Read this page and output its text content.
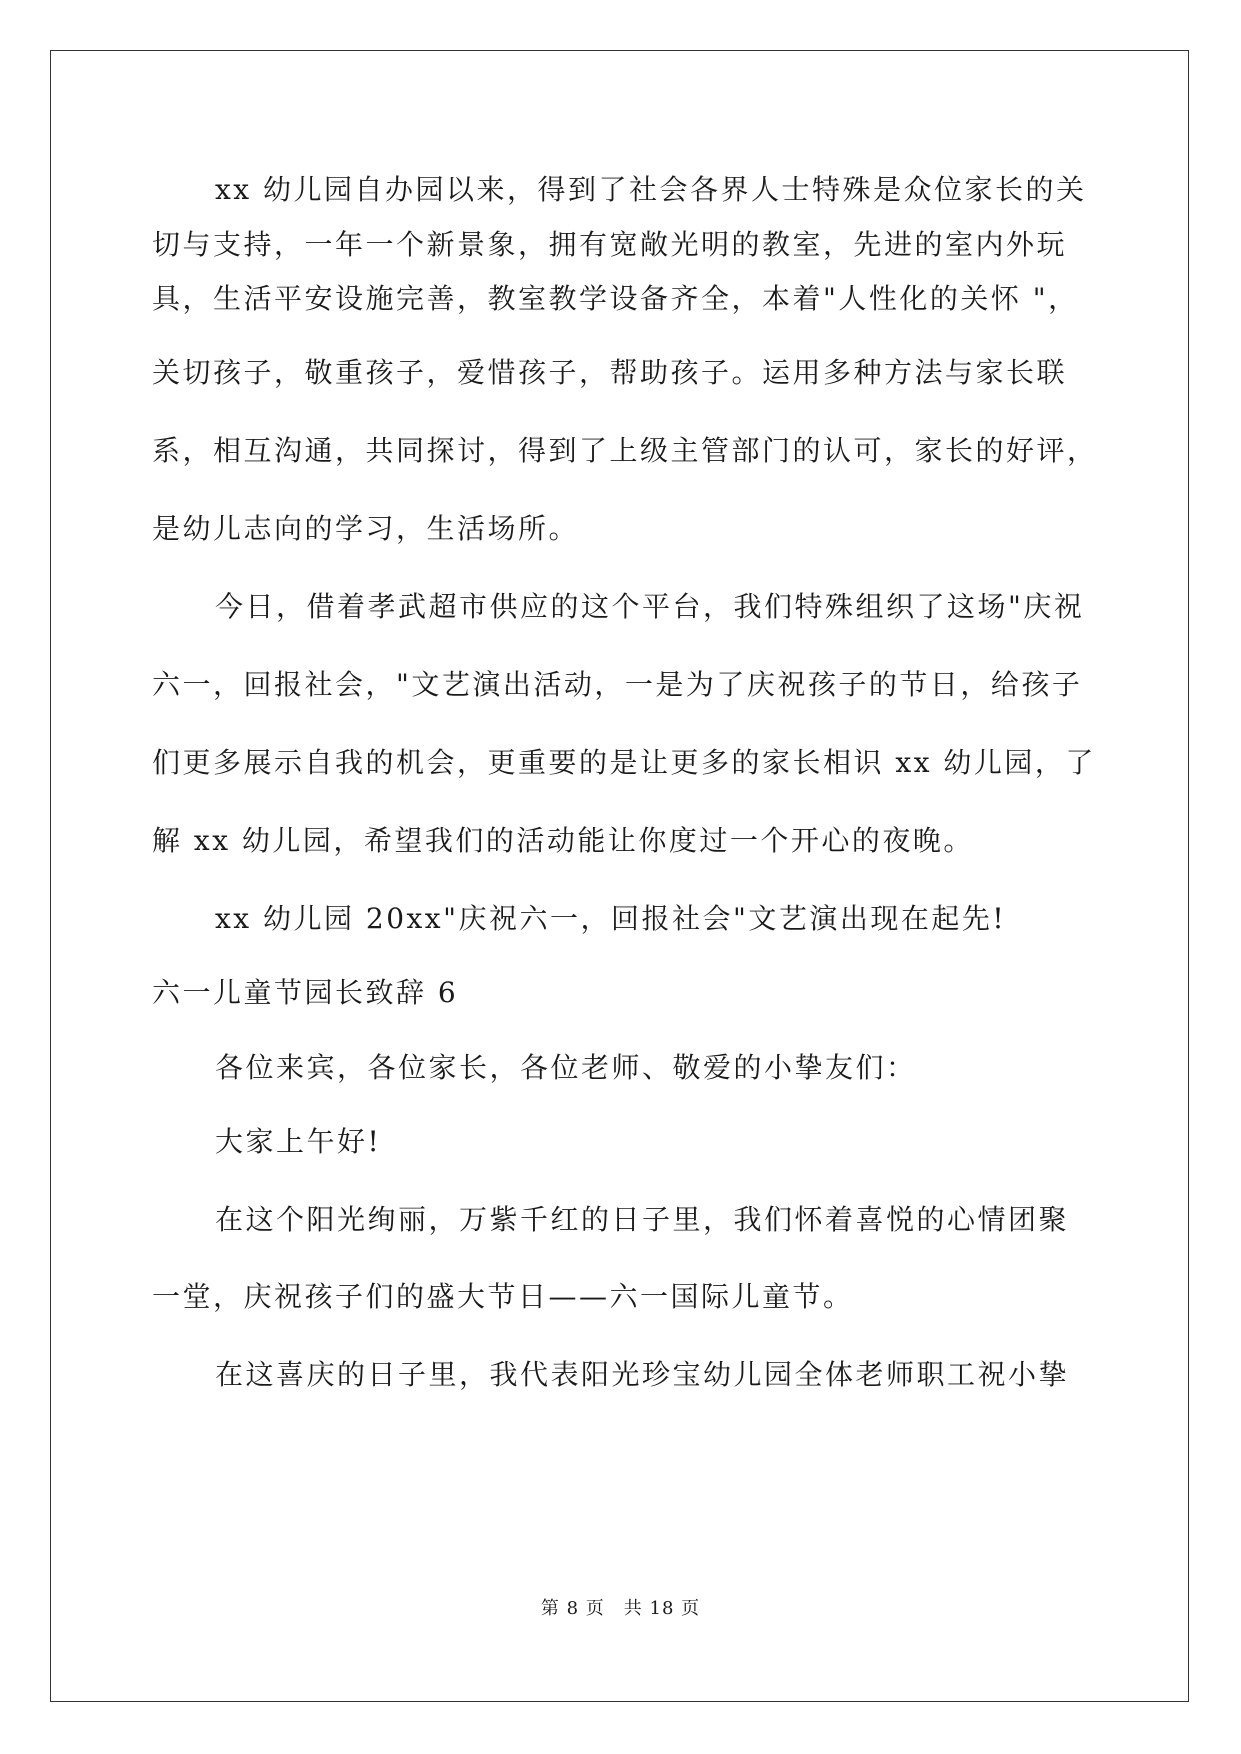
xx 幼儿园自办园以来，得到了社会各界人士特殊是众位家长的关
切与支持，一年一个新景象，拥有宽敞光明的教室，先进的室内外玩
具，生活平安设施完善，教室教学设备齐全，本着"人性化的关怀 "，
关切孩子，敬重孩子，爱惜孩子，帮助孩子。运用多种方法与家长联
系，相互沟通，共同探讨，得到了上级主管部门的认可，家长的好评，
是幼儿志向的学习，生活场所。
今日，借着孝武超市供应的这个平台，我们特殊组织了这场"庆祝
六一，回报社会，"文艺演出活动，一是为了庆祝孩子的节日，给孩子
们更多展示自我的机会，更重要的是让更多的家长相识 xx 幼儿园，了
解 xx 幼儿园，希望我们的活动能让你度过一个开心的夜晚。
xx 幼儿园 20xx"庆祝六一，回报社会"文艺演出现在起先!
六一儿童节园长致辞 6
各位来宾，各位家长，各位老师、敬爱的小挚友们：
大家上午好!
在这个阳光绚丽，万紫千红的日子里，我们怀着喜悦的心情团聚
一堂，庆祝孩子们的盛大节日——六一国际儿童节。
在这喜庆的日子里，我代表阳光珍宝幼儿园全体老师职工祝小挚
第 8 页　共 18 页
